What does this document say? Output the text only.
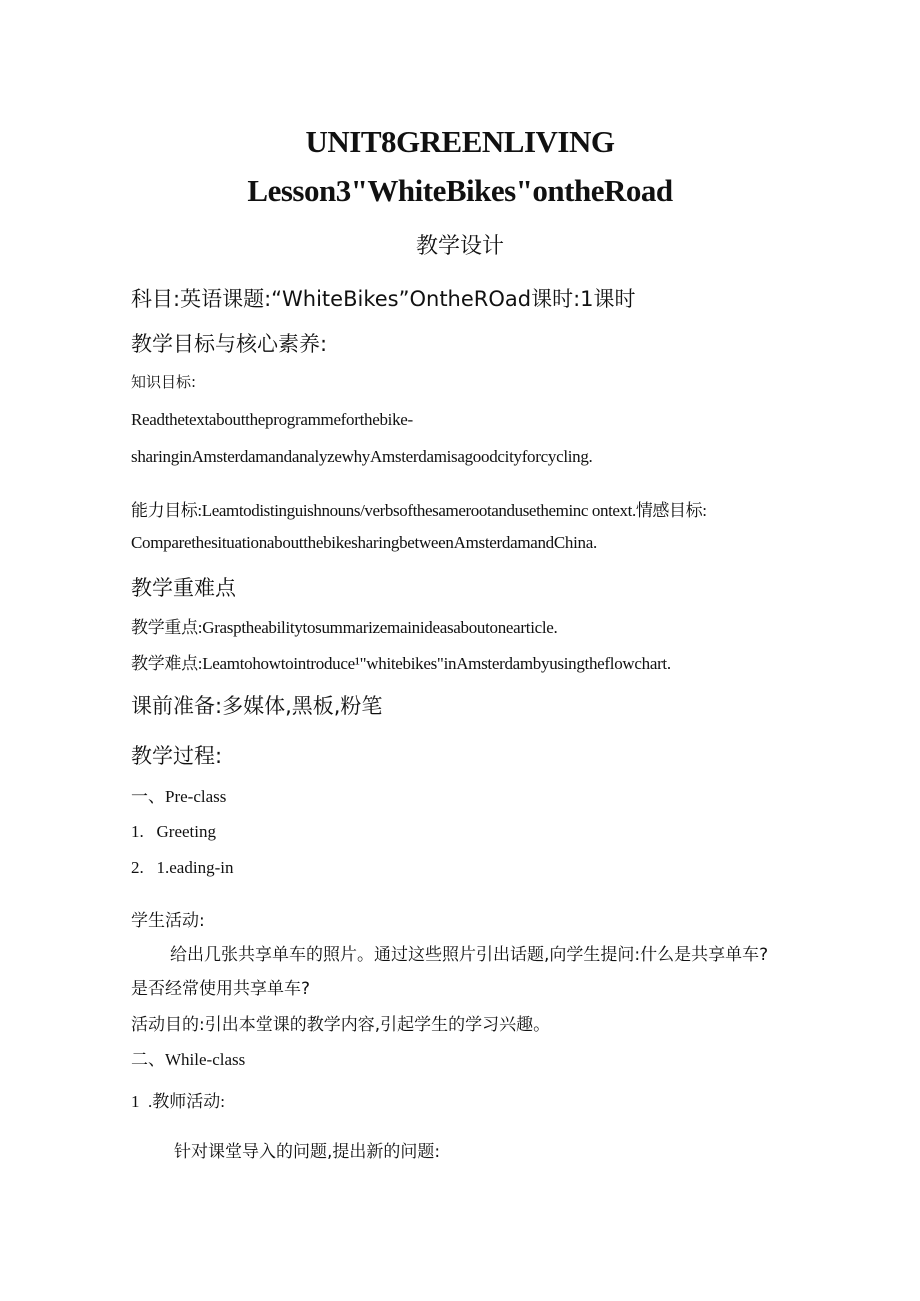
UNIT8GREENLIVING
Lesson3"WhiteBikes"ontheRoad
教学设计
科目:英语课题:“WhiteBikes”OntheROad课时:1课时
教学目标与核心素养:
知识目标:
Readthetextabouttheprogrammeforthebike-
sharinginAmsterdamandanalyzewhyAmsterdamisagoodcityforcycling.
能力目标:Leamtodistinguishnouns/verbsofthesamerootandusetheminc ontext.情感目标:
ComparethesituationaboutthebikesharingbetweenAmsterdamandChina.
教学重难点
教学重点:Grasptheabilitytosummarizemainideasaboutonearticle.
教学难点:Leamtohowtointroduce¹"whitebikes"inAmsterdambyusingtheflowchart.
课前准备:多媒体,黑板,粉笔
教学过程:
一、Pre-class
1.   Greeting
2.   1.eading-in
学生活动:
给出几张共享单车的照片。通过这些照片引出话题,向学生提问:什么是共享单车?
是否经常使用共享单车?
活动目的:引出本堂课的教学内容,引起学生的学习兴趣。
二、While-class
1  .教师活动:
针对课堂导入的问题,提出新的问题:
